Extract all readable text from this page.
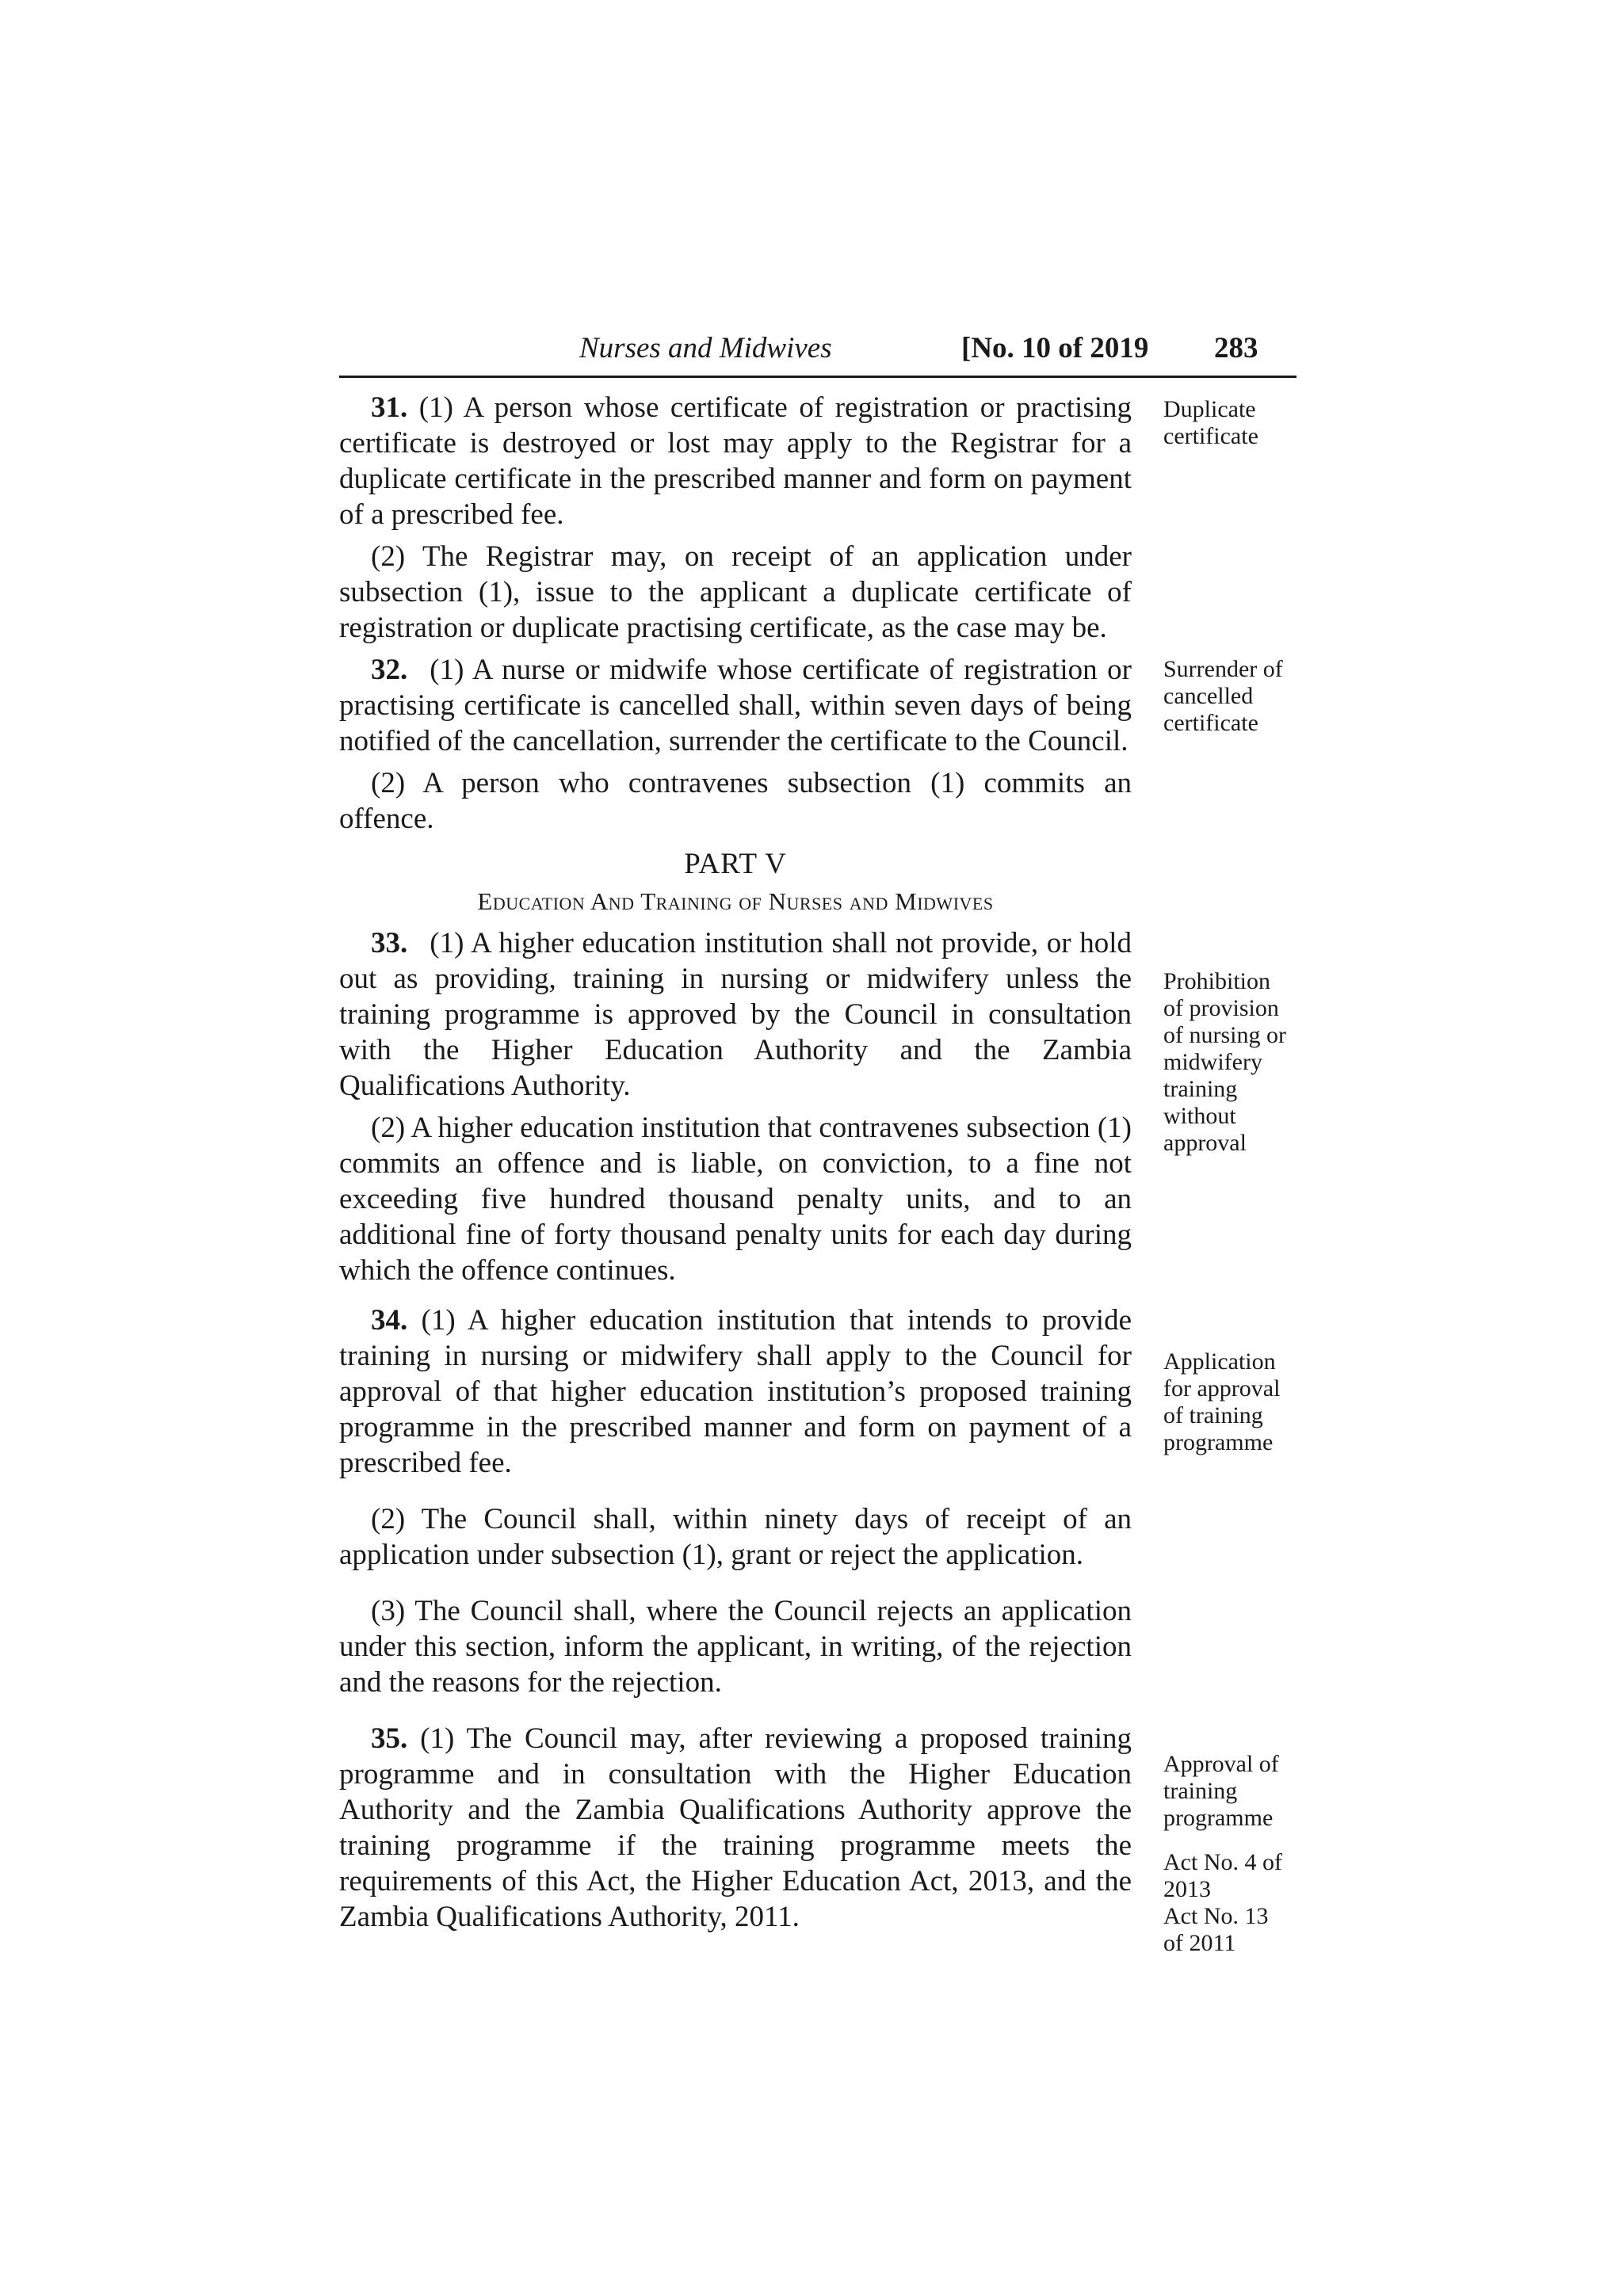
Nurses and Midwives	[No. 10 of 2019 283

31. (1) A person whose certificate of registration or practising certificate is destroyed or lost may apply to the Registrar for a duplicate certificate in the prescribed manner and form on payment of a prescribed fee.

(2) The Registrar may, on receipt of an application under subsection (1), issue to the applicant a duplicate certificate of registration or duplicate practising certificate, as the case may be.

32. (1) A nurse or midwife whose certificate of registration or practising certificate is cancelled shall, within seven days of being notified of the cancellation, surrender the certificate to the Council.

(2) A person who contravenes subsection (1) commits an offence.

PART V

Education And Training of Nurses and Midwives

33. (1) A higher education institution shall not provide, or hold out as providing, training in nursing or midwifery unless the training programme is approved by the Council in consultation with the Higher Education Authority and the Zambia Qualifications Authority.

(2) A higher education institution that contravenes subsection (1) commits an offence and is liable, on conviction, to a fine not exceeding five hundred thousand penalty units, and to an additional fine of forty thousand penalty units for each day during which the offence continues.

34. (1) A higher education institution that intends to provide training in nursing or midwifery shall apply to the Council for approval of that higher education institution’s proposed training programme in the prescribed manner and form on payment of a prescribed fee.

(2) The Council shall, within ninety days of receipt of an application under subsection (1), grant or reject the application.

(3) The Council shall, where the Council rejects an application under this section, inform the applicant, in writing, of the rejection and the reasons for the rejection.

35. (1) The Council may, after reviewing a proposed training programme and in consultation with the Higher Education Authority and the Zambia Qualifications Authority approve the training programme if the training programme meets the requirements of this Act, the Higher Education Act, 2013, and the Zambia Qualifications Authority, 2011.

Duplicate
certificate
Surrender of
cancelled
certificate
Prohibition
of provision
of nursing or
midwifery
training
without
approval
Application
for approval
of training
programme
Approval of
training
programme
Act No. 4 of
2013
Act No. 13
of 2011
